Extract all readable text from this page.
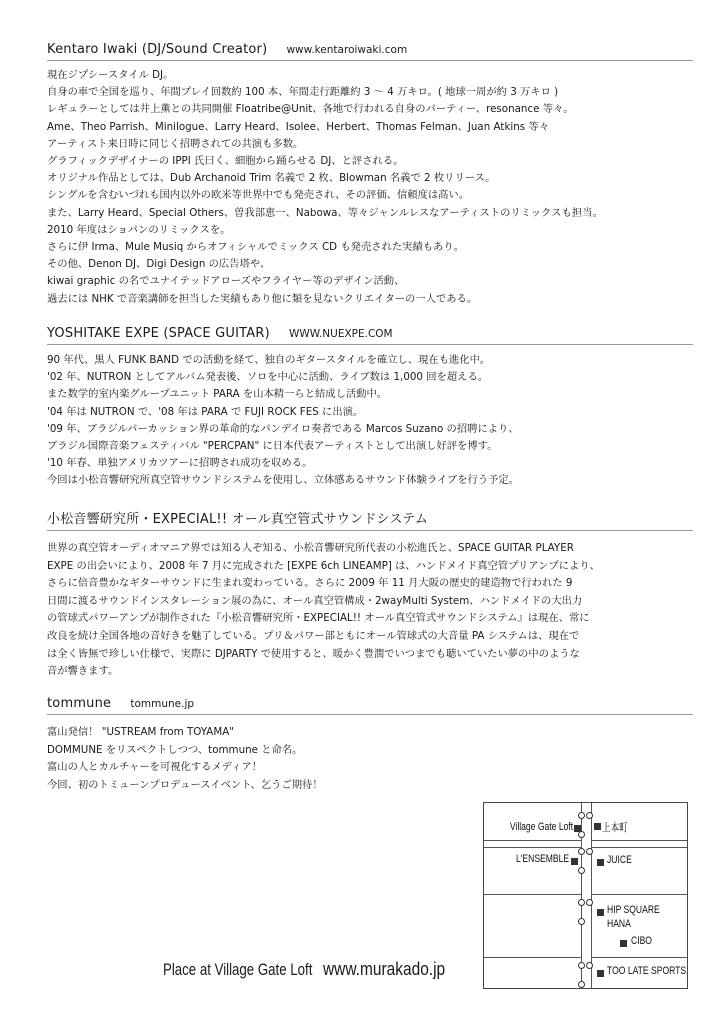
Kentaro Iwaki (DJ/Sound Creator) www.kentaroiwaki.com
現在ジプシースタイル DJ。
自身の車で全国を巡り、年間プレイ回数約 100 本、年間走行距離約 3 ～ 4 万キロ。( 地球一周が約 3 万キロ )
レギュラーとしては井上薫との共同開催 Floatribe@Unit、各地で行われる自身のパーティー、resonance 等々。
Ame、Theo Parrish、Minilogue、Larry Heard、Isolee、Herbert、Thomas Felman、Juan Atkins 等々
アーティスト来日時に同じく招聘されての共演も多数。
グラフィックデザイナーの IPPI 氏曰く、細胞から踊らせる DJ、と評される。
オリジナル作品としては、Dub Archanoid Trim 名義で 2 枚、Blowman 名義で 2 枚リリース。
シングルを含むいづれも国内以外の欧米等世界中でも発売され、その評価、信頼度は高い。
また、Larry Heard、Special Others、曽我部恵一、Nabowa、等々ジャンルレスなアーティストのリミックスも担当。
2010 年度はショパンのリミックスを。
さらに伊 Irma、Mule Musiq からオフィシャルでミックス CD も発売された実績もあり。
その他、Denon DJ、Digi Design の広告塔や、
kiwai graphic の名でユナイテッドアローズやフライヤー等のデザイン活動、
過去には NHK で音楽講師を担当した実績もあり他に類を見ないクリエイターの一人である。
YOSHITAKE EXPE (SPACE GUITAR) WWW.NUEXPE.COM
90 年代、黒人 FUNK BAND での活動を経て、独自のギタースタイルを確立し、現在も進化中。
'02 年、NUTRON としてアルバム発表後、ソロを中心に活動、ライブ数は 1,000 回を超える。
また数学的室内楽グループユニット PARA を山本精一らと結成し活動中。
'04 年は NUTRON で、'08 年は PARA で FUJI ROCK FES に出演。
'09 年、ブラジルパーカッション界の革命的なパンデイロ奏者である Marcos Suzano の招聘により、
ブラジル国際音楽フェスティバル "PERCPAN" に日本代表アーティストとして出演し好評を博す。
'10 年春、単独アメリカツアーに招聘され成功を収める。
今回は小松音響研究所真空管サウンドシステムを使用し、立体感あるサウンド体験ライブを行う予定。
小松音響研究所・EXPECIAL!! オール真空管式サウンドシステム
世界の真空管オーディオマニア界では知る人ぞ知る、小松音響研究所代表の小松進氏と、SPACE GUITAR PLAYER
EXPE の出会いにより、2008 年 7 月に完成された [EXPE 6ch LINEAMP] は、ハンドメイド真空管プリアンプにより、
さらに倍音豊かなギターサウンドに生まれ変わっている。さらに 2009 年 11 月大阪の歴史的建造物で行われた 9
日間に渡るサウンドインスタレーション展の為に、オール真空管構成・2wayMulti System、ハンドメイドの大出力
の管球式パワーアンプが制作された『小松音響研究所・EXPECIAL!! オール真空管式サウンドシステム』は現在、常に
改良を続け全国各地の音好きを魅了している。プリ＆パワー部ともにオール管球式の大音量 PA システムは、現在で
は全く皆無で珍しい仕様で、実際に DJPARTY で使用すると、暖かく豊潤でいつまでも聴いていたい夢の中のような
音が響きます。
tommune tommune.jp
富山発信！ "USTREAM from TOYAMA"
DOMMUNE をリスペクトしつつ、tommune と命名。
富山の人とカルチャーを可視化するメディア！
今回、初のトミューンプロデュースイベント、乞うご期待！
Village Gate Loft	上本町
L'ENSEMBLE	JUICE
HIP SQUARE
HANA
CIBO
TOO LATE SPORTS
Place at Village Gate Loft www.murakado.jp
